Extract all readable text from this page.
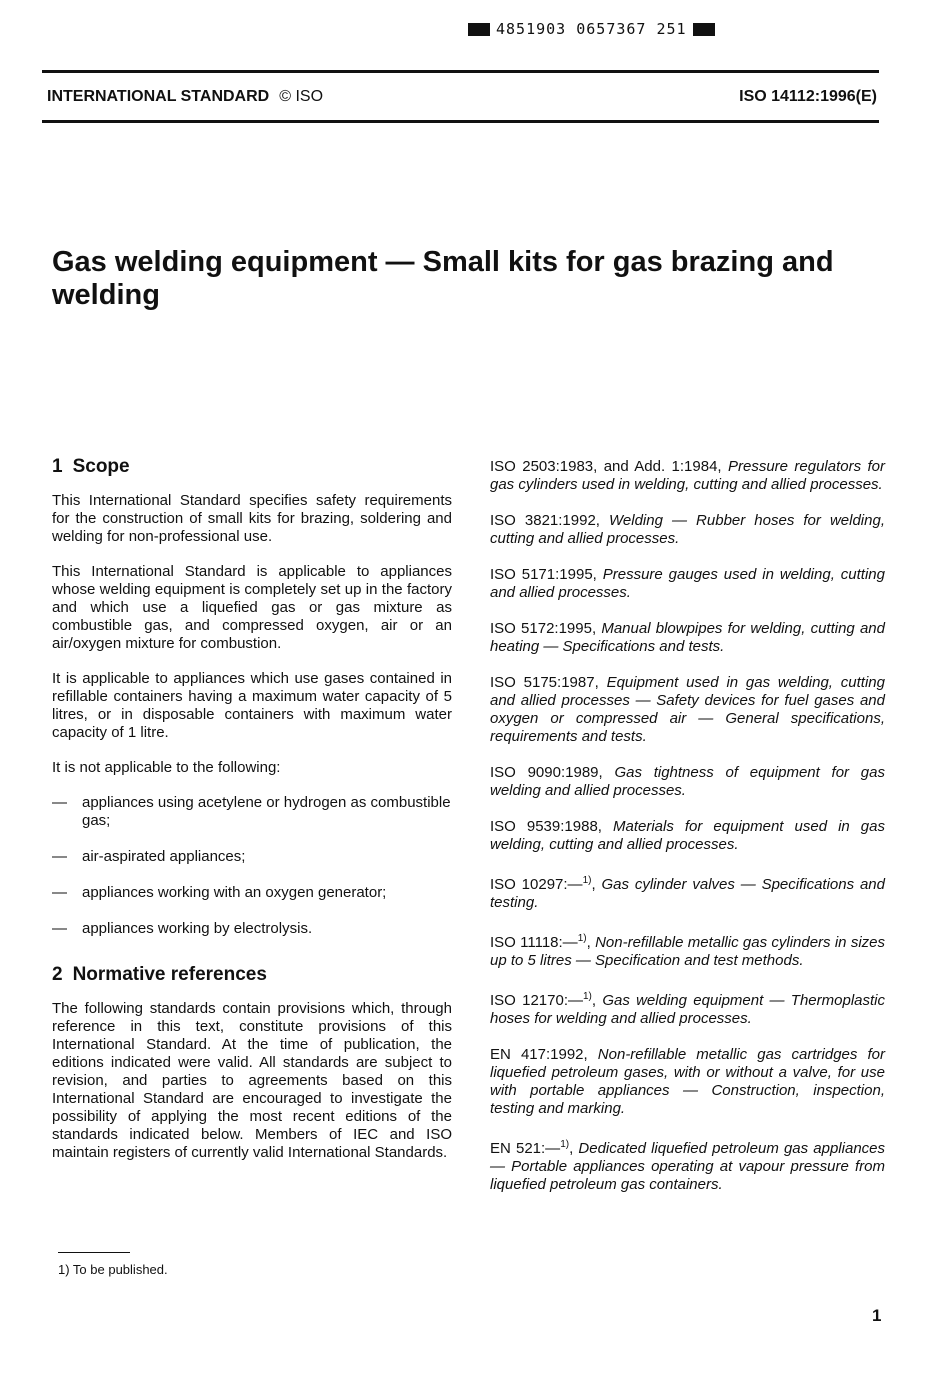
4851903 0657367 251
INTERNATIONAL STANDARD © ISO	ISO 14112:1996(E)
Gas welding equipment — Small kits for gas brazing and welding
1 Scope

This International Standard specifies safety requirements for the construction of small kits for brazing, soldering and welding for non-professional use.

This International Standard is applicable to appliances whose welding equipment is completely set up in the factory and which use a liquefied gas or gas mixture as combustible gas, and compressed oxygen, air or an air/oxygen mixture for combustion.

It is applicable to appliances which use gases contained in refillable containers having a maximum water capacity of 5 litres, or in disposable containers with maximum water capacity of 1 litre.

It is not applicable to the following:

— appliances using acetylene or hydrogen as combustible gas;
— air-aspirated appliances;
— appliances working with an oxygen generator;
— appliances working by electrolysis.
2 Normative references

The following standards contain provisions which, through reference in this text, constitute provisions of this International Standard. At the time of publication, the editions indicated were valid. All standards are subject to revision, and parties to agreements based on this International Standard are encouraged to investigate the possibility of applying the most recent editions of the standards indicated below. Members of IEC and ISO maintain registers of currently valid International Standards.

ISO 2503:1983, and Add. 1:1984, Pressure regulators for gas cylinders used in welding, cutting and allied processes.

ISO 3821:1992, Welding — Rubber hoses for welding, cutting and allied processes.

ISO 5171:1995, Pressure gauges used in welding, cutting and allied processes.

ISO 5172:1995, Manual blowpipes for welding, cutting and heating — Specifications and tests.

ISO 5175:1987, Equipment used in gas welding, cutting and allied processes — Safety devices for fuel gases and oxygen or compressed air — General specifications, requirements and tests.

ISO 9090:1989, Gas tightness of equipment for gas welding and allied processes.

ISO 9539:1988, Materials for equipment used in gas welding, cutting and allied processes.

ISO 10297:—$^{1)}$, Gas cylinder valves — Specifications and testing.

ISO 11118:—$^{1)}$, Non-refillable metallic gas cylinders in sizes up to 5 litres — Specification and test methods.

ISO 12170:—$^{1)}$, Gas welding equipment — Thermoplastic hoses for welding and allied processes.

EN 417:1992, Non-refillable metallic gas cartridges for liquefied petroleum gases, with or without a valve, for use with portable appliances — Construction, inspection, testing and marking.

EN 521:—$^{1)}$, Dedicated liquefied petroleum gas appliances — Portable appliances operating at vapour pressure from liquefied petroleum gas containers.

1) To be published.
1
